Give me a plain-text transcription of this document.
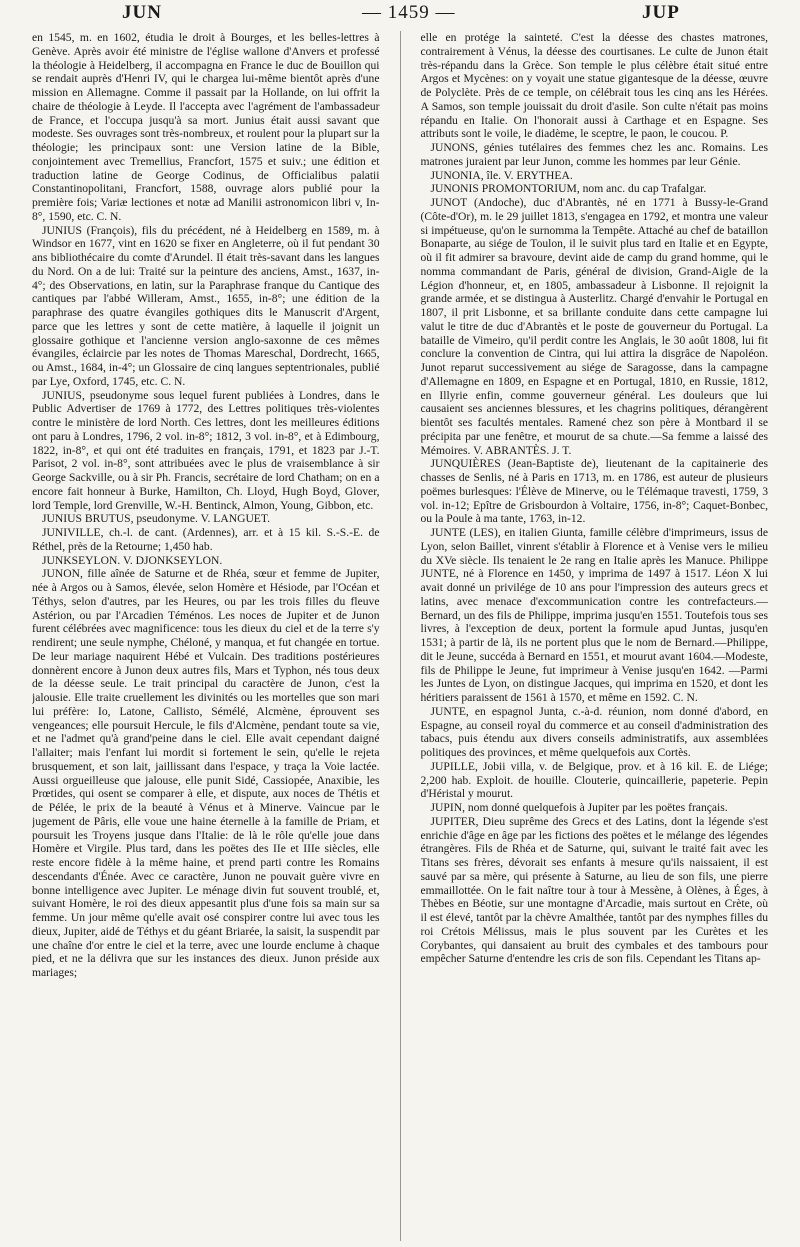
JUN	— 1459 —	JUP

en 1545, m. en 1602, étudia le droit à Bourges, et les belles-lettres à Genève. Après avoir été ministre de l'église wallone d'Anvers et professé la théologie à Heidelberg, il accompagna en France le duc de Bouillon qui se rendait auprès d'Henri IV, qui le chargea lui-même bientôt après d'une mission en Allemagne. Comme il passait par la Hollande, on lui offrit la chaire de théologie à Leyde. Il l'accepta avec l'agrément de l'ambassadeur de France, et l'occupa jusqu'à sa mort. Junius était aussi savant que modeste. Ses ouvrages sont très-nombreux, et roulent pour la plupart sur la théologie; les principaux sont: une Version latine de la Bible, conjointement avec Tremellius, Francfort, 1575 et suiv.; une édition et traduction latine de George Codinus, de Officialibus palatii Constantinopolitani, Francfort, 1588, ouvrage alors publié pour la première fois; Variæ lectiones et notæ ad Manilii astronomicon libri v, In-8°, 1590, etc. C. N.

JUNIUS (François), fils du précédent, né à Heidelberg en 1589, m. à Windsor en 1677, vint en 1620 se fixer en Angleterre, où il fut pendant 30 ans bibliothécaire du comte d'Arundel. Il était très-savant dans les langues du Nord. On a de lui: Traité sur la peinture des anciens, Amst., 1637, in-4°; des Observations, en latin, sur la Paraphrase franque du Cantique des cantiques par l'abbé Willeram, Amst., 1655, in-8°; une édition de la paraphrase des quatre évangiles gothiques dits le Manuscrit d'Argent, parce que les lettres y sont de cette matière, à laquelle il joignit un glossaire gothique et l'ancienne version anglo-saxonne de ces mêmes évangiles, éclaircie par les notes de Thomas Mareschal, Dordrecht, 1665, ou Amst., 1684, in-4°; un Glossaire de cinq langues septentrionales, publié par Lye, Oxford, 1745, etc. C. N.

JUNIUS, pseudonyme sous lequel furent publiées à Londres, dans le Public Advertiser de 1769 à 1772, des Lettres politiques très-violentes contre le ministère de lord North. Ces lettres, dont les meilleures éditions ont paru à Londres, 1796, 2 vol. in-8°; 1812, 3 vol. in-8°, et à Edimbourg, 1822, in-8°, et qui ont été traduites en français, 1791, et 1823 par J.-T. Parisot, 2 vol. in-8°, sont attribuées avec le plus de vraisemblance à sir George Sackville, ou à sir Ph. Francis, secrétaire de lord Chatham; on en a encore fait honneur à Burke, Hamilton, Ch. Lloyd, Hugh Boyd, Glover, lord Temple, lord Grenville, W.-H. Bentinck, Almon, Young, Gibbon, etc.

JUNIUS BRUTUS, pseudonyme. V. LANGUET.

JUNIVILLE, ch.-l. de cant. (Ardennes), arr. et à 15 kil. S.-S.-E. de Réthel, près de la Retourne; 1,450 hab.

JUNKSEYLON. V. DJONKSEYLON.

JUNON, fille aînée de Saturne et de Rhéa, sœur et femme de Jupiter, née à Argos ou à Samos, élevée, selon Homère et Hésiode, par l'Océan et Téthys, selon d'autres, par les Heures, ou par les trois filles du fleuve Astérion, ou par l'Arcadien Téménos. Les noces de Jupiter et de Junon furent célébrées avec magnificence: tous les dieux du ciel et de la terre s'y rendirent; une seule nymphe, Chéloné, y manqua, et fut changée en tortue. De leur mariage naquirent Hébé et Vulcain. Des traditions postérieures donnèrent encore à Junon deux autres fils, Mars et Typhon, nés tous deux de la déesse seule. Le trait principal du caractère de Junon, c'est la jalousie. Elle traite cruellement les divinités ou les mortelles que son mari lui préfère: Io, Latone, Callisto, Sémélé, Alcmène, éprouvent ses vengeances; elle poursuit Hercule, le fils d'Alcmène, pendant toute sa vie, et ne l'admet qu'à grand'peine dans le ciel. Elle avait cependant daigné l'allaiter; mais l'enfant lui mordit si fortement le sein, qu'elle le rejeta brusquement, et son lait, jaillissant dans l'espace, y traça la Voie lactée. Aussi orgueilleuse que jalouse, elle punit Sidé, Cassiopée, Anaxibie, les Prœtides, qui osent se comparer à elle, et dispute, aux noces de Thétis et de Pélée, le prix de la beauté à Vénus et à Minerve. Vaincue par le jugement de Pâris, elle voue une haine éternelle à la famille de Priam, et poursuit les Troyens jusque dans l'Italie: de là le rôle qu'elle joue dans Homère et Virgile. Plus tard, dans les poëtes des IIe et IIIe siècles, elle reste encore fidèle à la même haine, et prend parti contre les Romains descendants d'Énée. Avec ce caractère, Junon ne pouvait guère vivre en bonne intelligence avec Jupiter. Le ménage divin fut souvent troublé, et, suivant Homère, le roi des dieux appesantit plus d'une fois sa main sur sa femme. Un jour même qu'elle avait osé conspirer contre lui avec tous les dieux, Jupiter, aidé de Téthys et du géant Briarée, la saisit, la suspendit par une chaîne d'or entre le ciel et la terre, avec une lourde enclume à chaque pied, et ne la délivra que sur les instances des dieux. Junon préside aux mariages;

elle en protége la sainteté. C'est la déesse des chastes matrones, contrairement à Vénus, la déesse des courtisanes. Le culte de Junon était très-répandu dans la Grèce. Son temple le plus célèbre était situé entre Argos et Mycènes: on y voyait une statue gigantesque de la déesse, œuvre de Polyclète. Près de ce temple, on célébrait tous les cinq ans les Hérées. A Samos, son temple jouissait du droit d'asile. Son culte n'était pas moins répandu en Italie. On l'honorait aussi à Carthage et en Espagne. Ses attributs sont le voile, le diadème, le sceptre, le paon, le coucou. P.

JUNONS, génies tutélaires des femmes chez les anc. Romains. Les matrones juraient par leur Junon, comme les hommes par leur Génie.

JUNONIA, île. V. ERYTHEA.

JUNONIS PROMONTORIUM, nom anc. du cap Trafalgar.

JUNOT (Andoche), duc d'Abrantès, né en 1771 à Bussy-le-Grand (Côte-d'Or), m. le 29 juillet 1813, s'engagea en 1792, et montra une valeur si impétueuse, qu'on le surnomma la Tempête. Attaché au chef de bataillon Bonaparte, au siége de Toulon, il le suivit plus tard en Italie et en Egypte, où il fit admirer sa bravoure, devint aide de camp du grand homme, qui le nomma commandant de Paris, général de division, Grand-Aigle de la Légion d'honneur, et, en 1805, ambassadeur à Lisbonne. Il rejoignit la grande armée, et se distingua à Austerlitz. Chargé d'envahir le Portugal en 1807, il prit Lisbonne, et sa brillante conduite dans cette campagne lui valut le titre de duc d'Abrantès et le poste de gouverneur du Portugal. La bataille de Vimeiro, qu'il perdit contre les Anglais, le 30 août 1808, lui fit conclure la convention de Cintra, qui lui attira la disgrâce de Napoléon. Junot reparut successivement au siége de Saragosse, dans la campagne d'Allemagne en 1809, en Espagne et en Portugal, 1810, en Russie, 1812, en Illyrie enfin, comme gouverneur général. Les douleurs que lui causaient ses anciennes blessures, et les chagrins politiques, dérangèrent bientôt ses facultés mentales. Ramené chez son père à Montbard il se précipita par une fenêtre, et mourut de sa chute.—Sa femme a laissé des Mémoires. V. ABRANTÈS. J. T.

JUNQUIÈRES (Jean-Baptiste de), lieutenant de la capitainerie des chasses de Senlis, né à Paris en 1713, m. en 1786, est auteur de plusieurs poëmes burlesques: l'Élève de Minerve, ou le Télémaque travesti, 1759, 3 vol. in-12; Epître de Grisbourdon à Voltaire, 1756, in-8°; Caquet-Bonbec, ou la Poule à ma tante, 1763, in-12.

JUNTE (LES), en italien Giunta, famille célèbre d'imprimeurs, issus de Lyon, selon Baillet, vinrent s'établir à Florence et à Venise vers le milieu du XVe siècle. Ils tenaient le 2e rang en Italie après les Manuce. Philippe JUNTE, né à Florence en 1450, y imprima de 1497 à 1517. Léon X lui avait donné un privilége de 10 ans pour l'impression des auteurs grecs et latins, avec menace d'excommunication contre les contrefacteurs.—Bernard, un des fils de Philippe, imprima jusqu'en 1551. Toutefois tous ses livres, à l'exception de deux, portent la formule apud Juntas, jusqu'en 1531; à partir de là, ils ne portent plus que le nom de Bernard.—Philippe, dit le Jeune, succéda à Bernard en 1551, et mourut avant 1604.—Modeste, fils de Philippe le Jeune, fut imprimeur à Venise jusqu'en 1642. —Parmi les Juntes de Lyon, on distingue Jacques, qui imprima en 1520, et dont les héritiers paraissent de 1561 à 1570, et même en 1592. C. N.

JUNTE, en espagnol Junta, c.-à-d. réunion, nom donné d'abord, en Espagne, au conseil royal du commerce et au conseil d'administration des tabacs, puis étendu aux divers conseils administratifs, aux assemblées politiques des provinces, et même quelquefois aux Cortès.

JUPILLE, Jobii villa, v. de Belgique, prov. et à 16 kil. E. de Liége; 2,200 hab. Exploit. de houille. Clouterie, quincaillerie, papeterie. Pepin d'Héristal y mourut.

JUPIN, nom donné quelquefois à Jupiter par les poëtes français.

JUPITER, Dieu suprême des Grecs et des Latins, dont la légende s'est enrichie d'âge en âge par les fictions des poëtes et le mélange des légendes étrangères. Fils de Rhéa et de Saturne, qui, suivant le traité fait avec les Titans ses frères, dévorait ses enfants à mesure qu'ils naissaient, il est sauvé par sa mère, qui présente à Saturne, au lieu de son fils, une pierre emmaillottée. On le fait naître tour à tour à Messène, à Olènes, à Éges, à Thèbes en Béotie, sur une montagne d'Arcadie, mais surtout en Crète, où il est élevé, tantôt par la chèvre Amalthée, tantôt par des nymphes filles du roi Crétois Mélissus, mais le plus souvent par les Curètes et les Corybantes, qui dansaient au bruit des cymbales et des tambours pour empêcher Saturne d'entendre les cris de son fils. Cependant les Titans ap-
